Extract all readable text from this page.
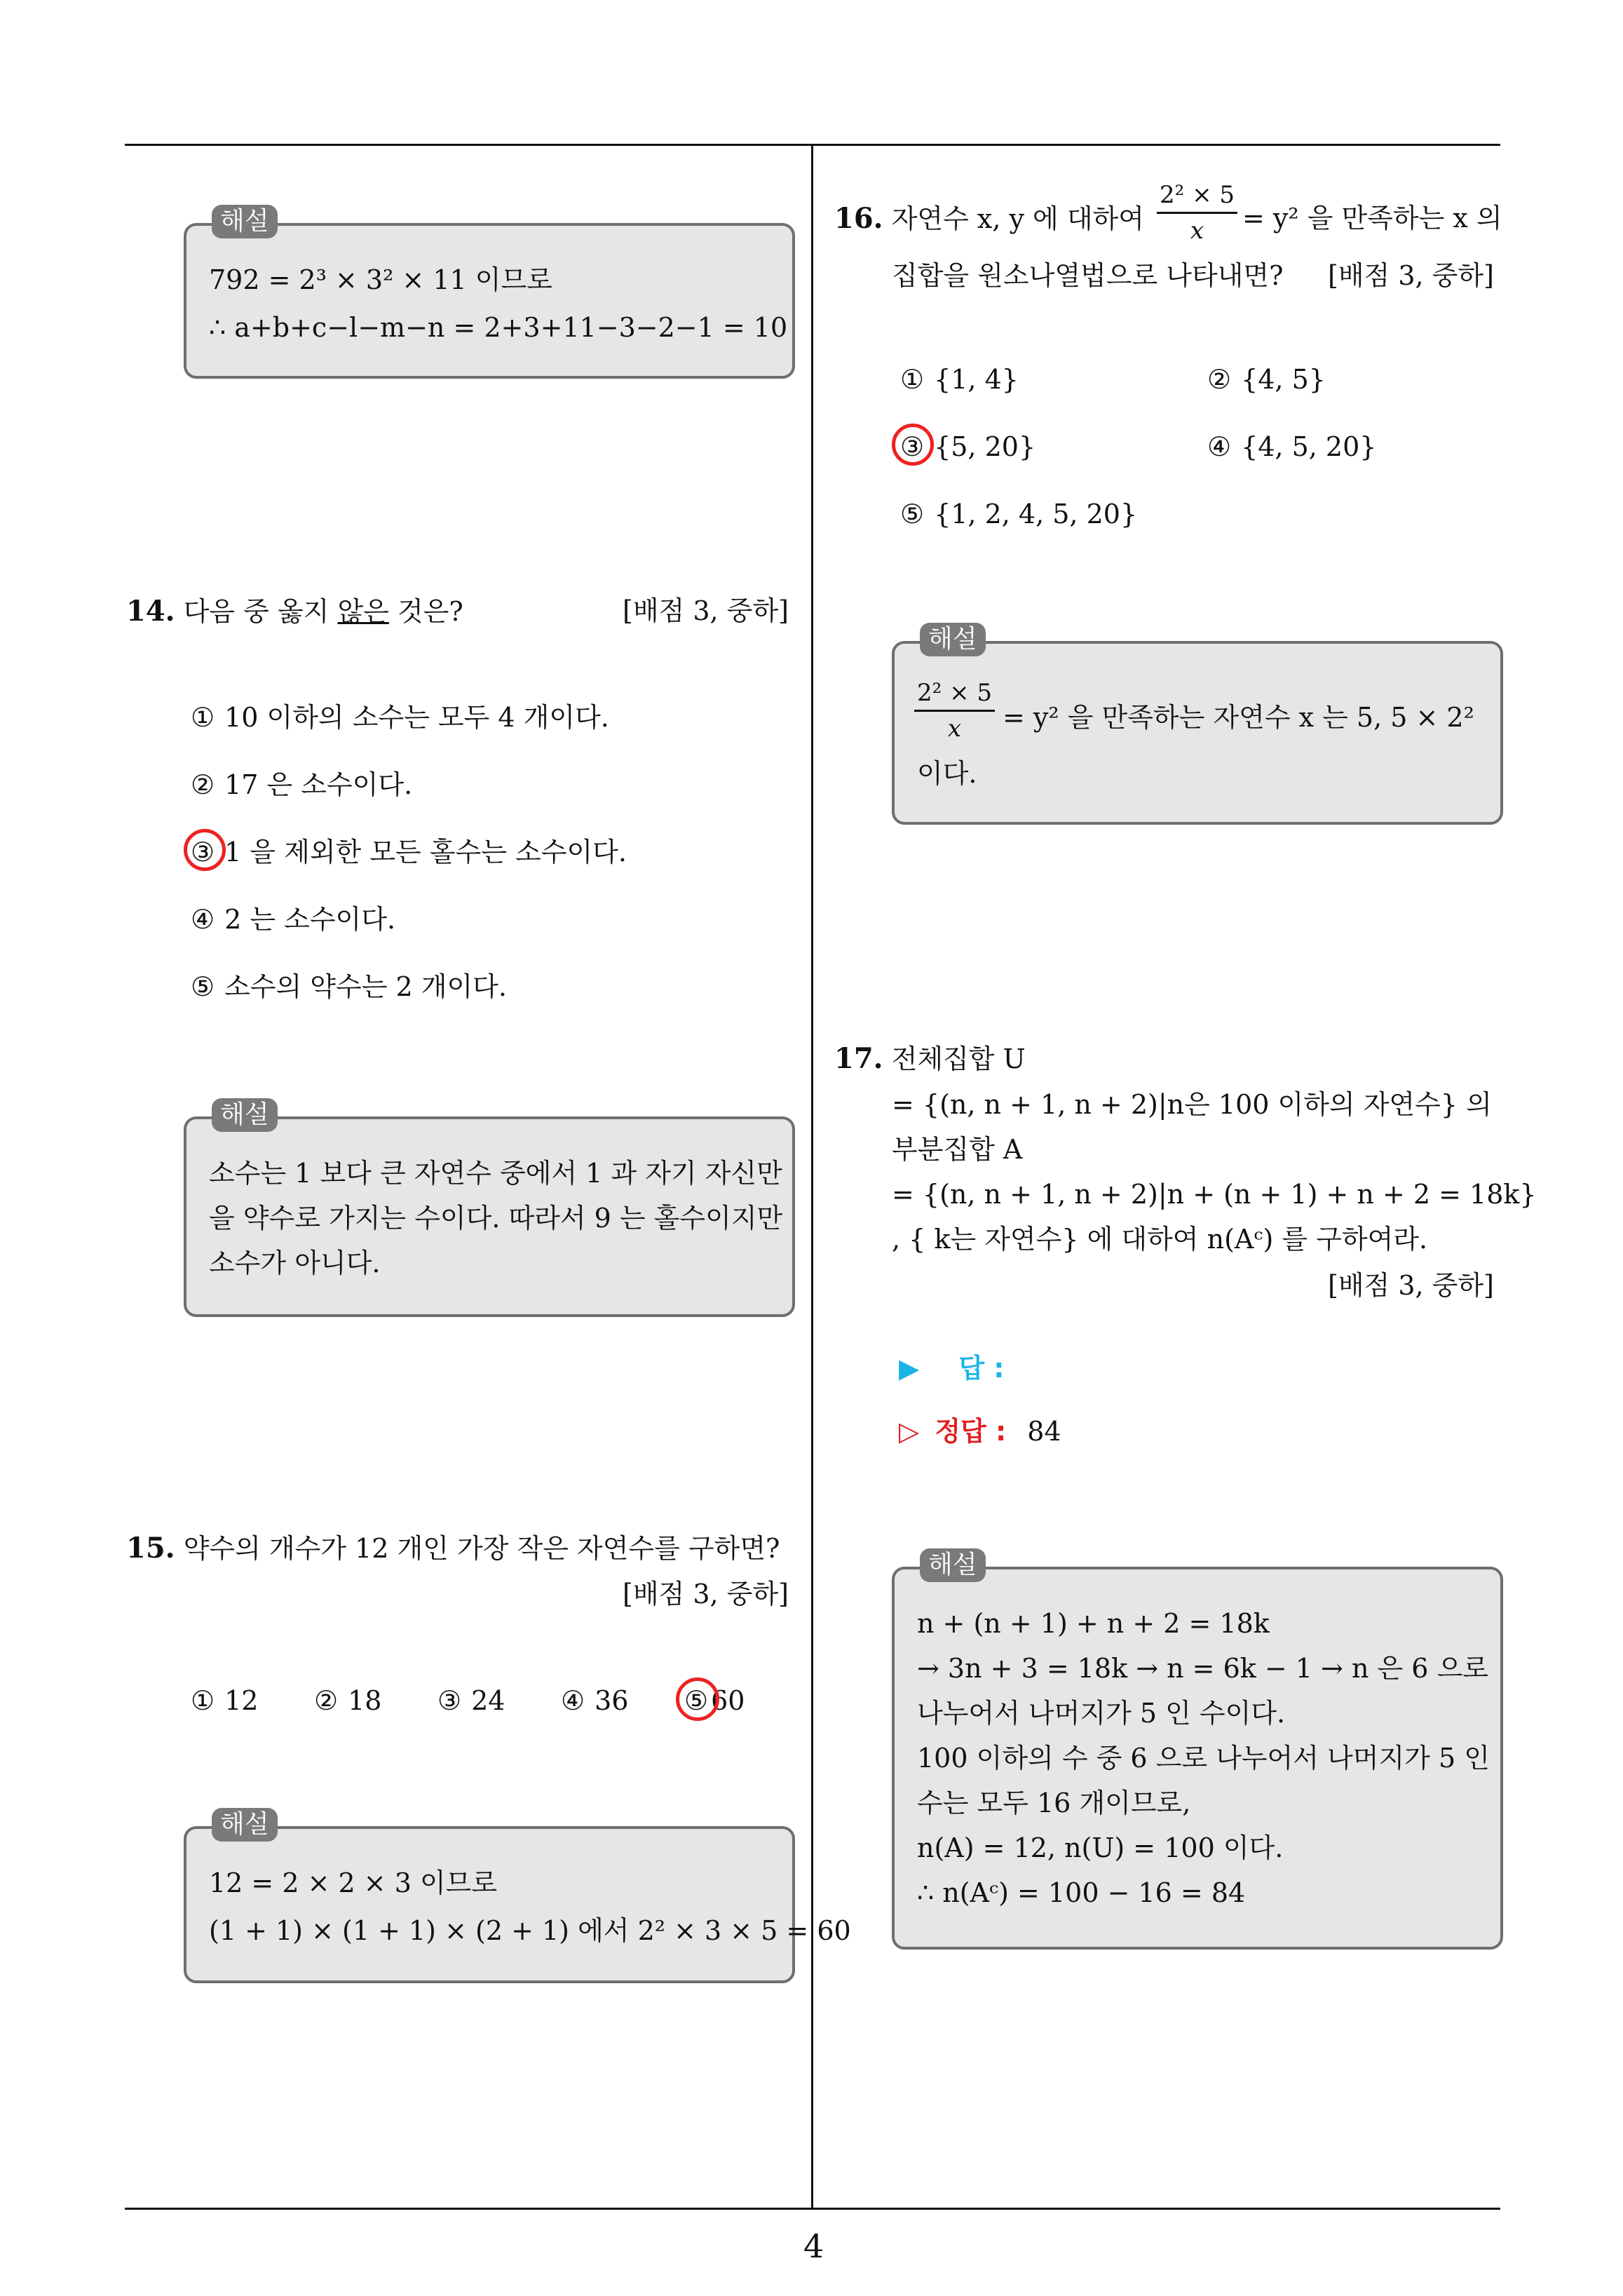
792 = 2³ × 3² × 11 이므로
∴ a+b+c−l−m−n = 2+3+11−3−2−1 = 10
해설
14. 다음 중 옳지 않은 것은?	[배점 3, 중하]
① 10 이하의 소수는 모두 4 개이다.
② 17 은 소수이다.
③ 1 을 제외한 모든 홀수는 소수이다.
④ 2 는 소수이다.
⑤ 소수의 약수는 2 개이다.
소수는 1 보다 큰 자연수 중에서 1 과 자기 자신만
을 약수로 가지는 수이다. 따라서 9 는 홀수이지만
소수가 아니다.
해설
15. 약수의 개수가 12 개인 가장 작은 자연수를 구하면?
[배점 3, 중하]
① 12 ② 18 ③ 24 ④ 36 ⑤ 60
12 = 2 × 2 × 3 이므로
(1 + 1) × (1 + 1) × (2 + 1) 에서 2² × 3 × 5 = 60
해설
16. 자연수 x, y 에 대하여 $\frac{\text{2² × 5}}{x} = y^2$ 을 만족하는 x 의
집합을 원소나열법으로 나타내면? [배점 3, 중하]
① {1, 4}	② {4, 5}
③ {5, 20}	④ {4, 5, 20}
⑤ {1, 2, 4, 5, 20}
$\frac{\text{2² × 5}}{x} = y^2$ 을 만족하는 자연수 x 는 5, 5 × 2²
이다.
해설
17. 전체집합 U
= {(n, n + 1, n + 2)|n은 100 이하의 자연수} 의
부분집합 A
= {(n, n + 1, n + 2)|n + (n + 1) + n + 2 = 18k}
, { k는 자연수} 에 대하여 n(Aᶜ) 를 구하여라.
[배점 3, 중하]
▶ 답 :
▷ 정답 : 84
n + (n + 1) + n + 2 = 18k
→ 3n + 3 = 18k → n = 6k − 1 → n 은 6 으로
나누어서 나머지가 5 인 수이다.
100 이하의 수 중 6 으로 나누어서 나머지가 5 인
수는 모두 16 개이므로,
n(A) = 12, n(U) = 100 이다.
∴ n(Aᶜ) = 100 − 16 = 84
해설
4
